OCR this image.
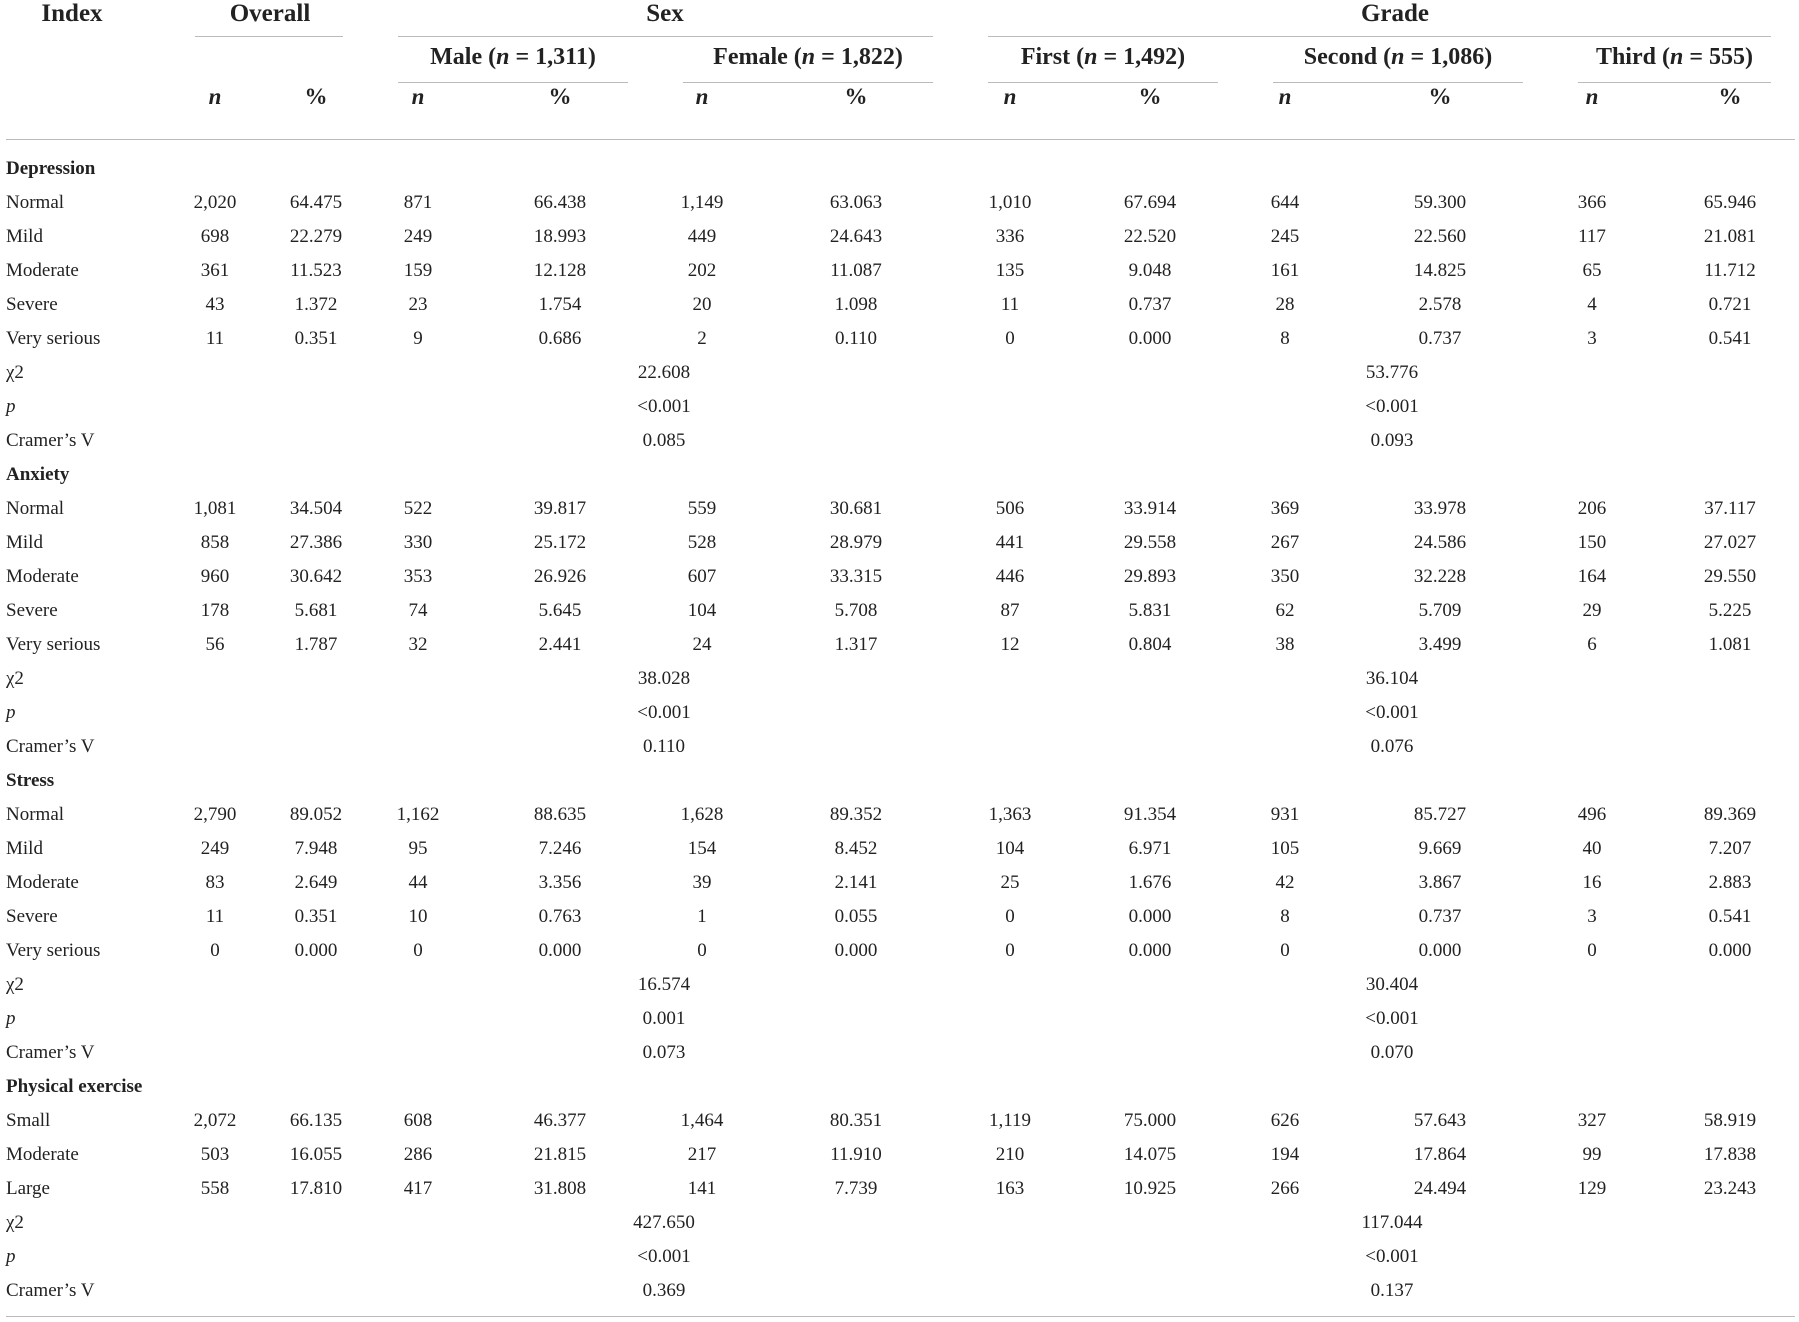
Index	Overall	Sex	Grade
Male (n = 1,311)	Female (n = 1,822)	First (n = 1,492)	Second (n = 1,086)	Third (n = 555)
n	%	n	%	n	%	n	%	n	%	n	%
Depression
Normal	2,020	64.475	871	66.438	1,149	63.063	1,010	67.694	644	59.300	366	65.946
Mild	698	22.279	249	18.993	449	24.643	336	22.520	245	22.560	117	21.081
Moderate	361	11.523	159	12.128	202	11.087	135	9.048	161	14.825	65	11.712
Severe	43	1.372	23	1.754	20	1.098	11	0.737	28	2.578	4	0.721
Very serious	11	0.351	9	0.686	2	0.110	0	0.000	8	0.737	3	0.541
χ2	22.608	53.776
p	<0.001	<0.001
Cramer’s V	0.085	0.093
Anxiety
Normal	1,081	34.504	522	39.817	559	30.681	506	33.914	369	33.978	206	37.117
Mild	858	27.386	330	25.172	528	28.979	441	29.558	267	24.586	150	27.027
Moderate	960	30.642	353	26.926	607	33.315	446	29.893	350	32.228	164	29.550
Severe	178	5.681	74	5.645	104	5.708	87	5.831	62	5.709	29	5.225
Very serious	56	1.787	32	2.441	24	1.317	12	0.804	38	3.499	6	1.081
χ2	38.028	36.104
p	<0.001	<0.001
Cramer’s V	0.110	0.076
Stress
Normal	2,790	89.052	1,162	88.635	1,628	89.352	1,363	91.354	931	85.727	496	89.369
Mild	249	7.948	95	7.246	154	8.452	104	6.971	105	9.669	40	7.207
Moderate	83	2.649	44	3.356	39	2.141	25	1.676	42	3.867	16	2.883
Severe	11	0.351	10	0.763	1	0.055	0	0.000	8	0.737	3	0.541
Very serious	0	0.000	0	0.000	0	0.000	0	0.000	0	0.000	0	0.000
χ2	16.574	30.404
p	0.001	<0.001
Cramer’s V	0.073	0.070
Physical exercise
Small	2,072	66.135	608	46.377	1,464	80.351	1,119	75.000	626	57.643	327	58.919
Moderate	503	16.055	286	21.815	217	11.910	210	14.075	194	17.864	99	17.838
Large	558	17.810	417	31.808	141	7.739	163	10.925	266	24.494	129	23.243
χ2	427.650	117.044
p	<0.001	<0.001
Cramer’s V	0.369	0.137
